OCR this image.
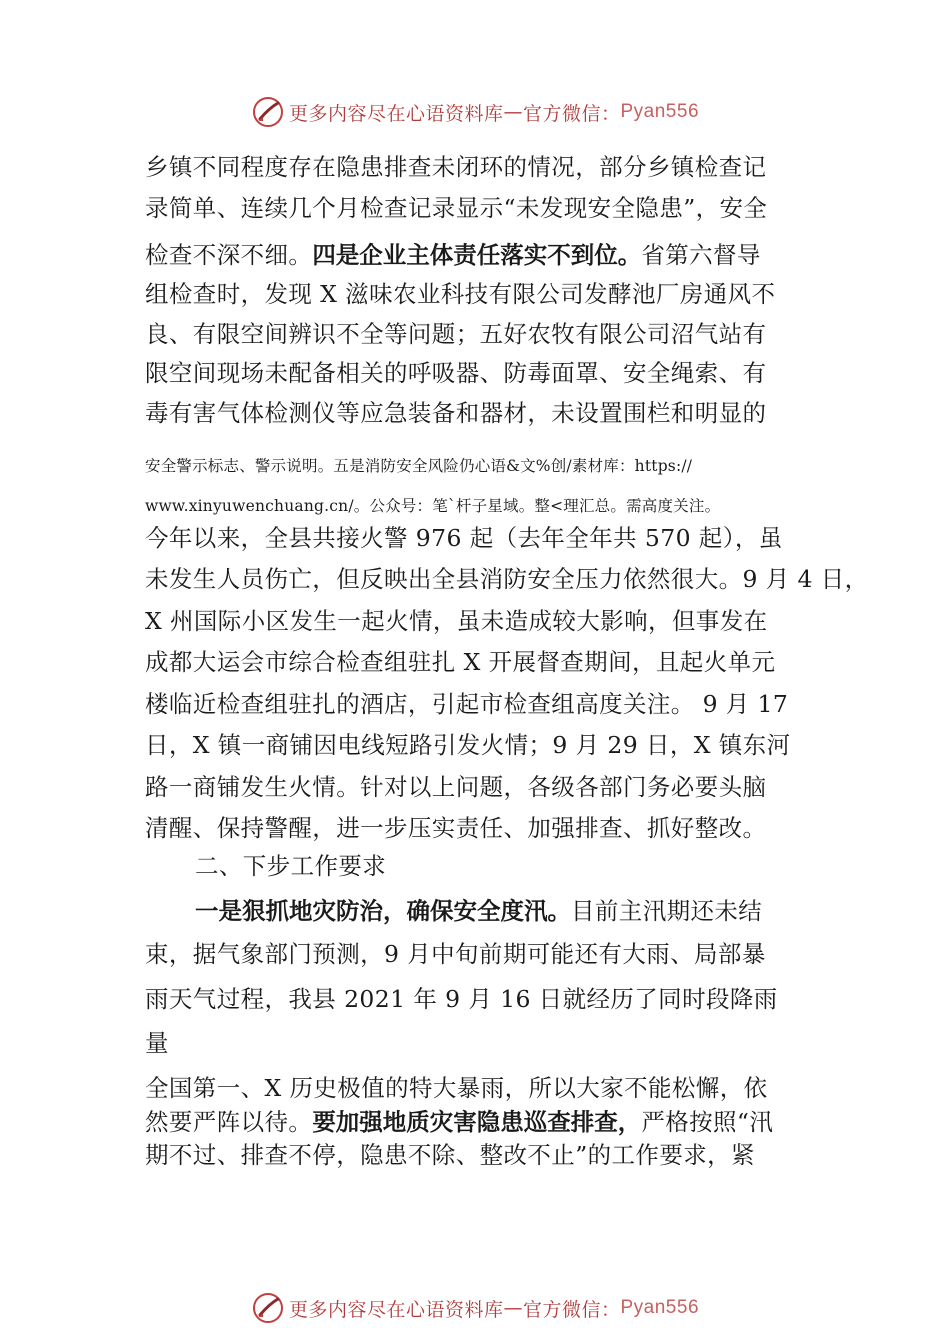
更多内容尽在心语资料库 — 官方微信： Pyan556
乡镇不同程度存在隐患排查未闭环的情况，部分乡镇检查记
录简单、连续几个月检查记录显示“未发现安全隐患”，安全
检查不深不细。四是企业主体责任落实不到位。省第六督导
组检查时，发现 X 滋味农业科技有限公司发酵池厂房通风不
良、有限空间辨识不全等问题；五好农牧有限公司沼气站有
限空间现场未配备相关的呼吸器、防毒面罩、安全绳索、有
毒有害气体检测仪等应急装备和器材，未设置围栏和明显的
安全警示标志、警示说明。五是消防安全风险仍心语&文%创/素材库：https://
www.xinyuwenchuang.cn/。公众号：笔`杆子星域。整<理汇总。需高度关注。
今年以来，全县共接火警 976 起（去年全年共 570 起），虽
未发生人员伤亡，但反映出全县消防安全压力依然很大。9 月 4 日，
X 州国际小区发生一起火情，虽未造成较大影响，但事发在
成都大运会市综合检查组驻扎 X 开展督查期间，且起火单元
楼临近检查组驻扎的酒店，引起市检查组高度关注。 9 月 17
日，X 镇一商铺因电线短路引发火情；9 月 29 日，X 镇东河
路一商铺发生火情。针对以上问题，各级各部门务必要头脑
清醒、保持警醒，进一步压实责任、加强排查、抓好整改。
二、下步工作要求
一是狠抓地灾防治，确保安全度汛。目前主汛期还未结
束，据气象部门预测，9 月中旬前期可能还有大雨、局部暴
雨天气过程，我县 2021 年 9 月 16 日就经历了同时段降雨
量
全国第一、X 历史极值的特大暴雨，所以大家不能松懈，依
然要严阵以待。要加强地质灾害隐患巡查排查，严格按照“汛
期不过、排查不停，隐患不除、整改不止”的工作要求，紧
更多内容尽在心语资料库 — 官方微信： Pyan556
